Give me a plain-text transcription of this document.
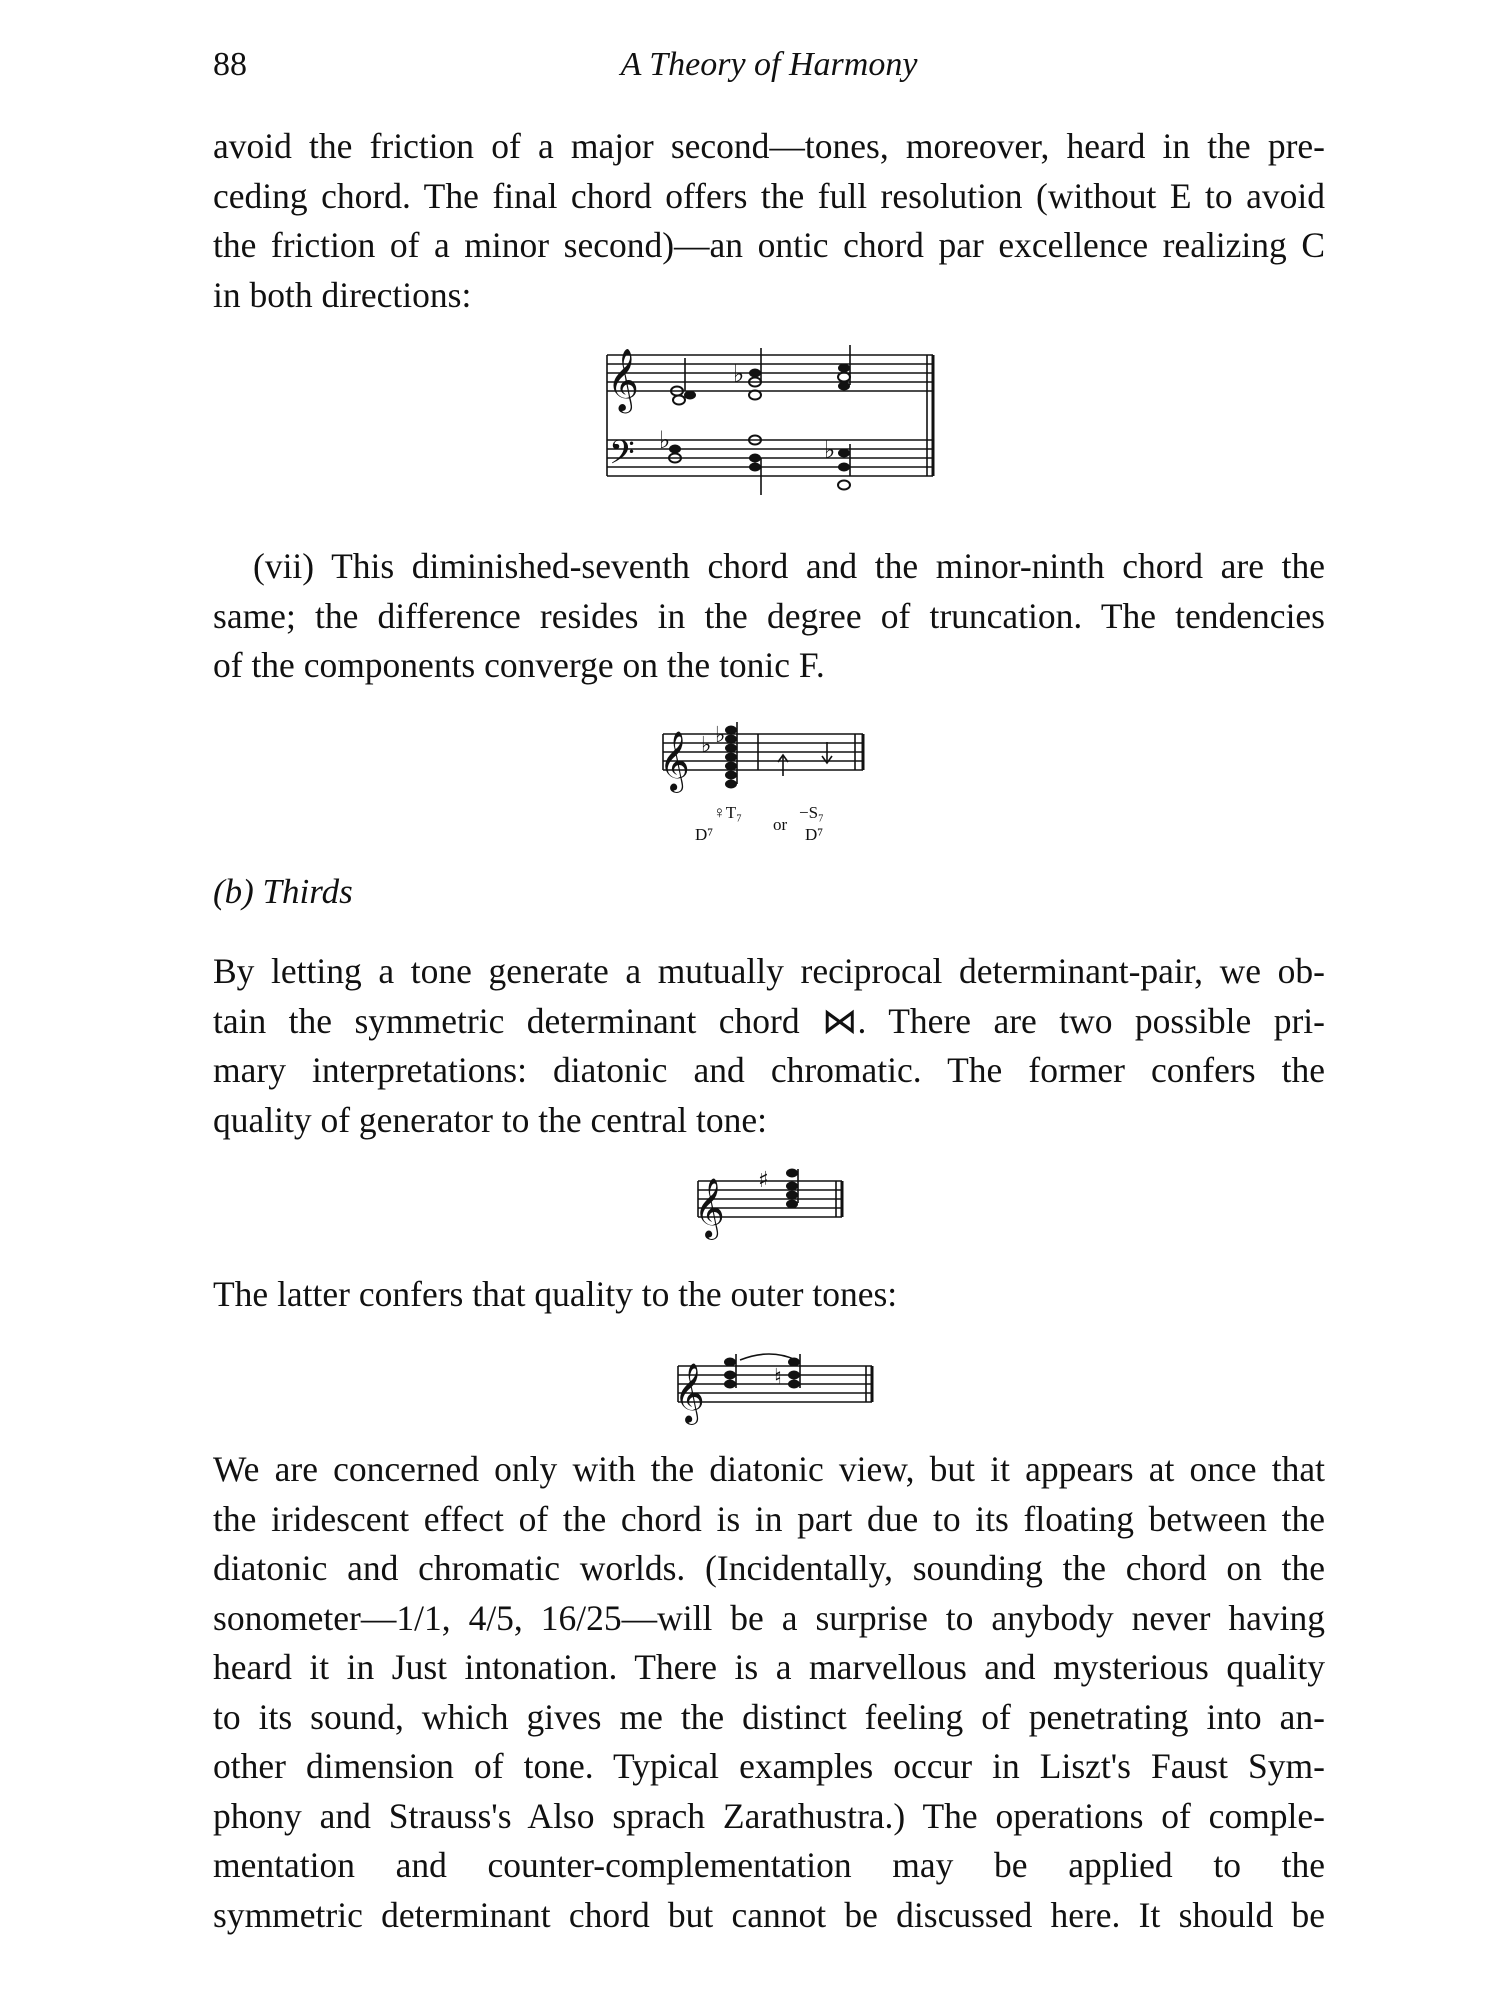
88	A Theory of Harmony

avoid the friction of a major second—tones, moreover, heard in the pre-
ceding chord. The final chord offers the full resolution (without E to avoid
the friction of a minor second)—an ontic chord par excellence realizing C
in both directions:

𝄞
𝄢
♭
♭	♭

(vii) This diminished-seventh chord and the minor-ninth chord are the
same; the difference resides in the degree of truncation. The tendencies
of the components converge on the tonic F.

𝄞 ♭ ♭
♀T₇	−S₇
D⁷
or
D⁷
(b) Thirds

By letting a tone generate a mutually reciprocal determinant-pair, we ob-
tain the symmetric determinant chord ⋈. There are two possible pri-
mary interpretations: diatonic and chromatic. The former confers the
quality of generator to the central tone:

𝄞 ♯

The latter confers that quality to the outer tones:

𝄞	♮

We are concerned only with the diatonic view, but it appears at once that
the iridescent effect of the chord is in part due to its floating between the
diatonic and chromatic worlds. (Incidentally, sounding the chord on the
sonometer—1/1, 4/5, 16/25—will be a surprise to anybody never having
heard it in Just intonation. There is a marvellous and mysterious quality
to its sound, which gives me the distinct feeling of penetrating into an-
other dimension of tone. Typical examples occur in Liszt's Faust Sym-
phony and Strauss's Also sprach Zarathustra.) The operations of comple-
mentation and counter-complementation may be applied to the
symmetric determinant chord but cannot be discussed here. It should be
